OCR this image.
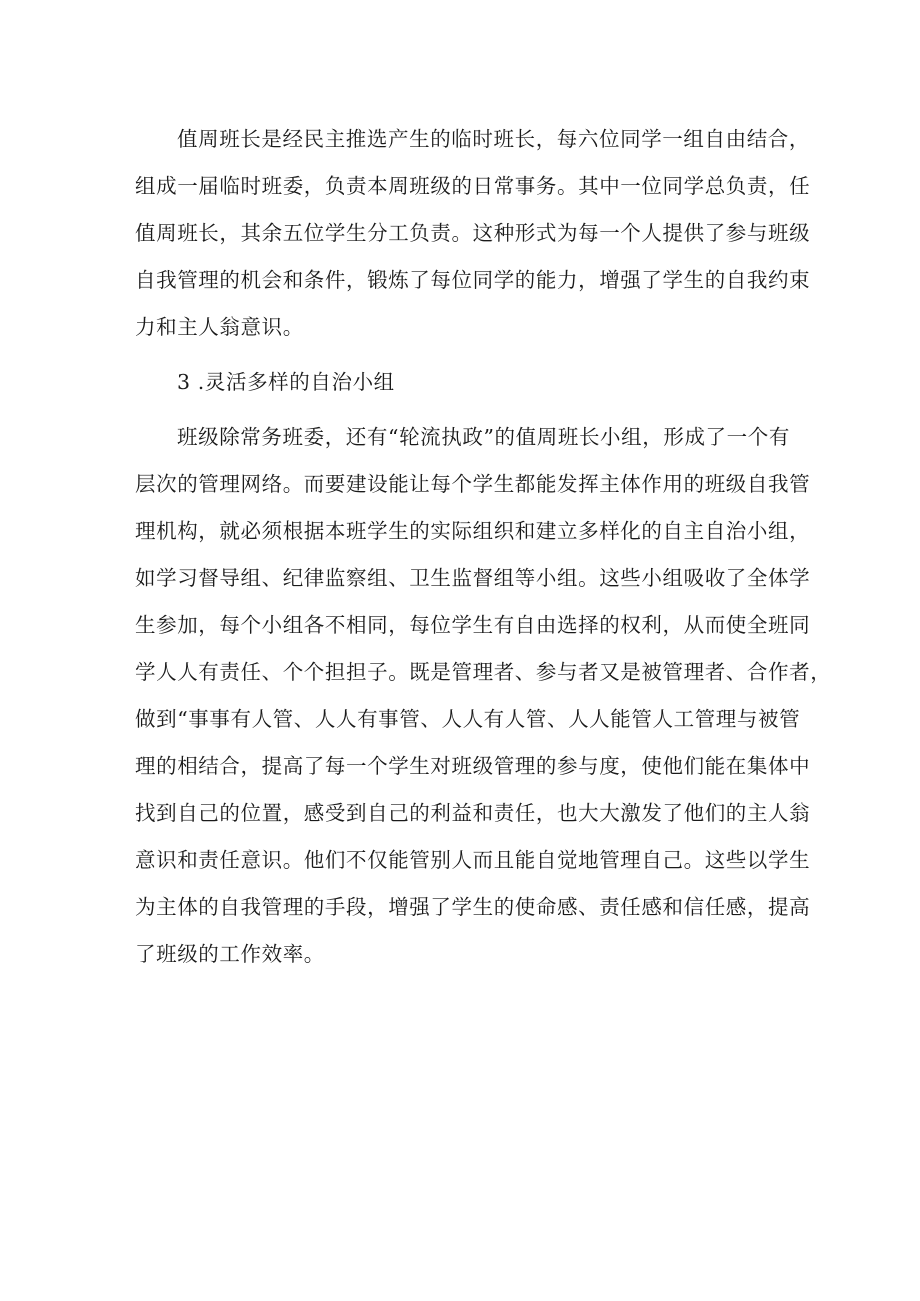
值周班长是经民主推选产生的临时班长，每六位同学一组自由结合，
组成一届临时班委，负责本周班级的日常事务。其中一位同学总负责，任
值周班长，其余五位学生分工负责。这种形式为每一个人提供了参与班级
自我管理的机会和条件，锻炼了每位同学的能力，增强了学生的自我约束
力和主人翁意识。
3 .灵活多样的自治小组
班级除常务班委，还有“轮流执政”的值周班长小组，形成了一个有
层次的管理网络。而要建设能让每个学生都能发挥主体作用的班级自我管
理机构，就必须根据本班学生的实际组织和建立多样化的自主自治小组，
如学习督导组、纪律监察组、卫生监督组等小组。这些小组吸收了全体学
生参加，每个小组各不相同，每位学生有自由选择的权利，从而使全班同
学人人有责任、个个担担子。既是管理者、参与者又是被管理者、合作者，
做到“事事有人管、人人有事管、人人有人管、人人能管人工管理与被管
理的相结合，提高了每一个学生对班级管理的参与度，使他们能在集体中
找到自己的位置，感受到自己的利益和责任，也大大激发了他们的主人翁
意识和责任意识。他们不仅能管别人而且能自觉地管理自己。这些以学生
为主体的自我管理的手段，增强了学生的使命感、责任感和信任感，提高
了班级的工作效率。
